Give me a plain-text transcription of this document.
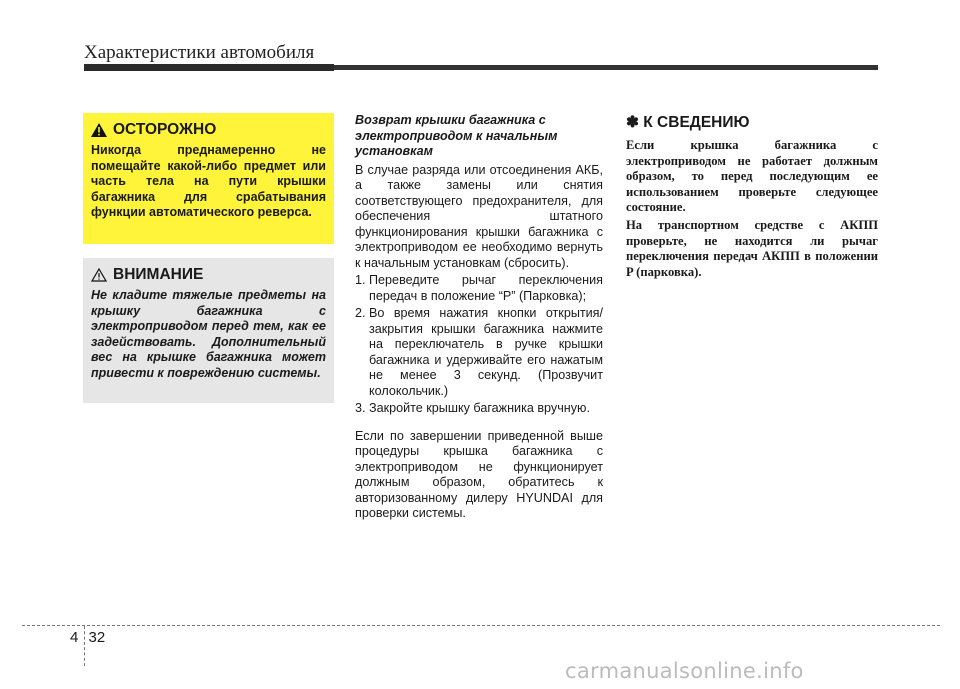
Характеристики автомобиля
ОСТОРОЖНО
Никогда преднамеренно не помещайте какой-либо предмет или часть тела на пути крышки багажника для срабатывания функции автоматического реверса.
ВНИМАНИЕ
Не кладите тяжелые предметы на крышку багажника с электроприводом перед тем, как ее задействовать. Дополнительный вес на крышке багажника может привести к повреждению системы.
Возврат крышки багажника с электроприводом к начальным установкам

В случае разряда или отсоединения АКБ, а также замены или снятия соответствующего предохранителя, для обеспечения штатного функционирования крышки багажника с электроприводом ее необходимо вернуть к начальным установкам (сбросить).

1. Переведите рычаг переключения передач в положение “P” (Парковка);
2. Во время нажатия кнопки открытия/закрытия крышки багажника нажмите на переключатель в ручке крышки багажника и удерживайте его нажатым не менее 3 секунд. (Прозвучит колокольчик.)
3. Закройте крышку багажника вручную.

Если по завершении приведенной выше процедуры крышка багажника с электроприводом не функционирует должным образом, обратитесь к авторизованному дилеру HYUNDAI для проверки системы.

✽ К СВЕДЕНИЮ

Если крышка багажника с электроприводом не работает должным образом, то перед последующим ее использованием проверьте следующее состояние.

На транспортном средстве с АКПП проверьте, не находится ли рычаг переключения передач АКПП в положении P (парковка).

4 32
carmanualsonline.info
